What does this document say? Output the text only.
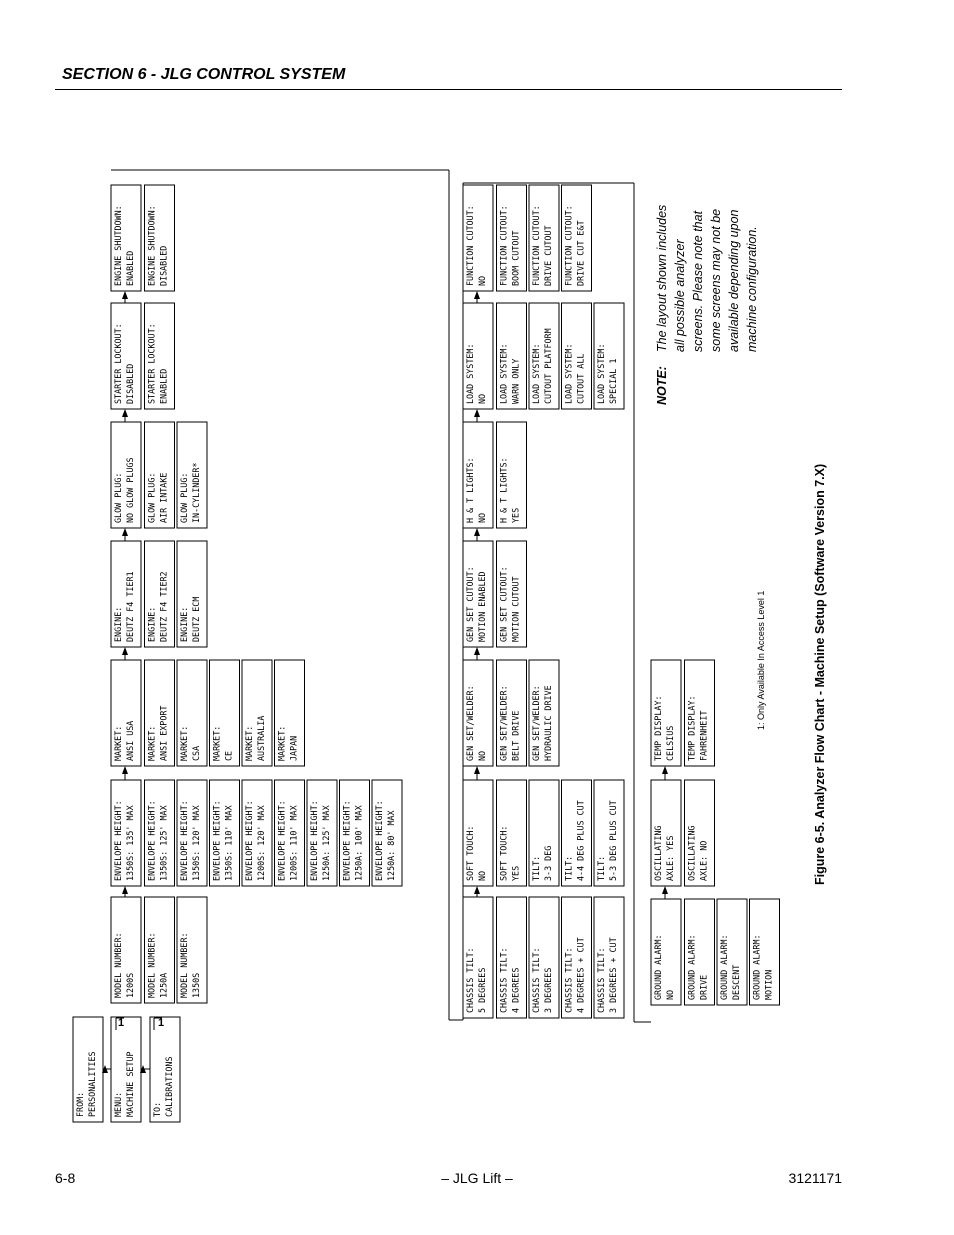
SECTION 6 - JLG CONTROL SYSTEM
FROM: PERSONALITIES MENU: MACHINE SETUP TO: CALIBRATIONS
1	1
MODEL NUMBER: 1200S MODEL NUMBER: 1250A MODEL NUMBER: 1350S
ENVELOPE HEIGHT: 1350S: 135' MAX ENVELOPE HEIGHT: 1350S: 125' MAX ENVELOPE HEIGHT: 1350S: 120' MAX ENVELOPE HEIGHT: 1350S: 110' MAX ENVELOPE HEIGHT: 1200S: 120' MAX ENVELOPE HEIGHT: 1200S: 110' MAX ENVELOPE HEIGHT: 1250A: 125' MAX ENVELOPE HEIGHT: 1250A: 100' MAX ENVELOPE HEIGHT: 1250A: 80' MAX
MARKET: ANSI USA MARKET: ANSI EXPORT MARKET: CSA MARKET: CE MARKET: AUSTRALIA MARKET: JAPAN
ENGINE: DEUTZ F4 TIER1 ENGINE: DEUTZ F4 TIER2 ENGINE: DEUTZ ECM
GLOW PLUG: NO GLOW PLUGS GLOW PLUG: AIR INTAKE GLOW PLUG: IN-CYLINDER*
STARTER LOCKOUT: DISABLED STARTER LOCKOUT: ENABLED
ENGINE SHUTDOWN: ENABLED ENGINE SHUTDOWN: DISABLED
CHASSIS TILT: 5 DEGREES CHASSIS TILT: 4 DEGREES CHASSIS TILT: 3 DEGREES CHASSIS TILT: 4 DEGREES + CUT CHASSIS TILT: 3 DEGREES + CUT
SOFT TOUCH: NO SOFT TOUCH: YES TILT: 3-3 DEG TILT: 4-4 DEG PLUS CUT TILT: 5-3 DEG PLUS CUT
GEN SET/WELDER: NO GEN SET/WELDER: BELT DRIVE GEN SET/WELDER: HYDRAULIC DRIVE
GEN SET CUTOUT: MOTION ENABLED GEN SET CUTOUT: MOTION CUTOUT
H & T LIGHTS: NO H & T LIGHTS: YES
LOAD SYSTEM: NO LOAD SYSTEM: WARN ONLY LOAD SYSTEM: CUTOUT PLATFORM LOAD SYSTEM: CUTOUT ALL LOAD SYSTEM: SPECIAL 1
FUNCTION CUTOUT: NO FUNCTION CUTOUT: BOOM CUTOUT FUNCTION CUTOUT: DRIVE CUTOUT FUNCTION CUTOUT: DRIVE CUT E&T
GROUND ALARM: NO GROUND ALARM: DRIVE GROUND ALARM: DESCENT GROUND ALARM: MOTION
OSCILLATING AXLE: YES OSCILLATING AXLE: NO
TEMP DISPLAY: CELSIUS TEMP DISPLAY: FAHRENHEIT	Figure 6-5. Analyzer Flow Chart - Machine Setup (Software Version 7.X)
1: Only Available In Access Level 1
NOTE:
The layout shown includes all possible analyzer screens. Please note that some screens may not be available depending upon machine configuration.
6-8	– JLG Lift –	3121171
